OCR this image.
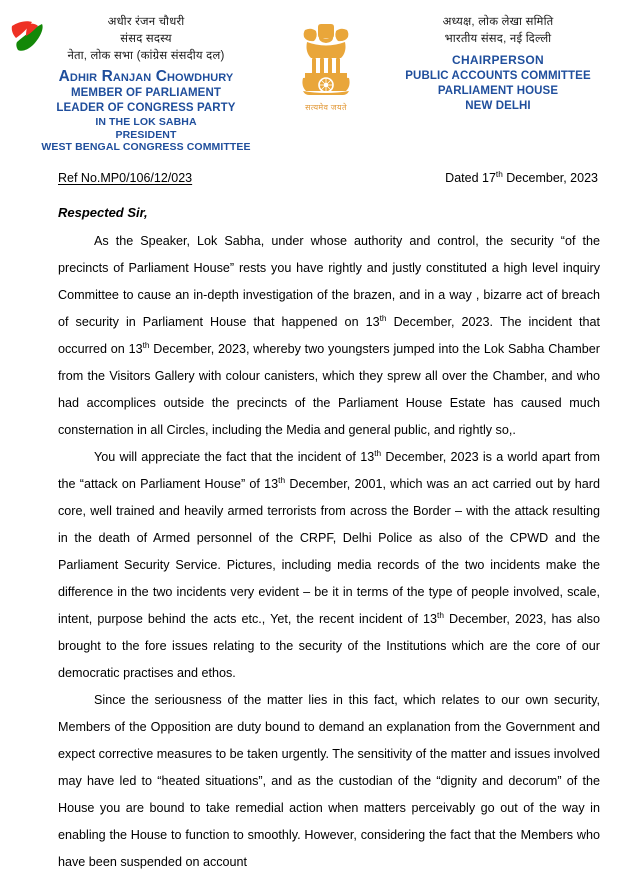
अधीर रंजन चौधरी
संसद सदस्य
नेता, लोक सभा (कांग्रेस संसदीय दल)
Adhir Ranjan Chowdhury
MEMBER OF PARLIAMENT
LEADER OF CONGRESS PARTY
IN THE LOK SABHA
PRESIDENT
WEST BENGAL CONGRESS COMMITTEE
सत्यमेव जयते
अध्यक्ष, लोक लेखा समिति
भारतीय संसद, नई दिल्ली
CHAIRPERSON
PUBLIC ACCOUNTS COMMITTEE
PARLIAMENT HOUSE
NEW DELHI
Ref No.MP0/106/12/023	Dated 17th December, 2023

Respected Sir,

As the Speaker, Lok Sabha, under whose authority and control, the security “of the precincts of Parliament House” rests you have rightly and justly constituted a high level inquiry Committee to cause an in-depth investigation of the brazen, and in a way , bizarre act of breach of security in Parliament House that happened on 13th December, 2023. The incident that occurred on 13th December, 2023, whereby two youngsters jumped into the Lok Sabha Chamber from the Visitors Gallery with colour canisters, which they sprew all over the Chamber, and who had accomplices outside the precincts of the Parliament House Estate has caused much consternation in all Circles, including the Media and general public, and rightly so,.

You will appreciate the fact that the incident of 13th December, 2023 is a world apart from the “attack on Parliament House” of 13th December, 2001, which was an act carried out by hard core, well trained and heavily armed terrorists from across the Border – with the attack resulting in the death of Armed personnel of the CRPF, Delhi Police as also of the CPWD and the Parliament Security Service. Pictures, including media records of the two incidents make the difference in the two incidents very evident – be it in terms of the type of people involved, scale, intent, purpose behind the acts etc., Yet, the recent incident of 13th December, 2023, has also brought to the fore issues relating to the security of the Institutions which are the core of our democratic practises and ethos.

Since the seriousness of the matter lies in this fact, which relates to our own security, Members of the Opposition are duty bound to demand an explanation from the Government and expect corrective measures to be taken urgently. The sensitivity of the matter and issues involved may have led to “heated situations”, and as the custodian of the “dignity and decorum” of the House you are bound to take remedial action when matters perceivably go out of the way in enabling the House to function to smoothly. However, considering the fact that the Members who have been suspended on account
